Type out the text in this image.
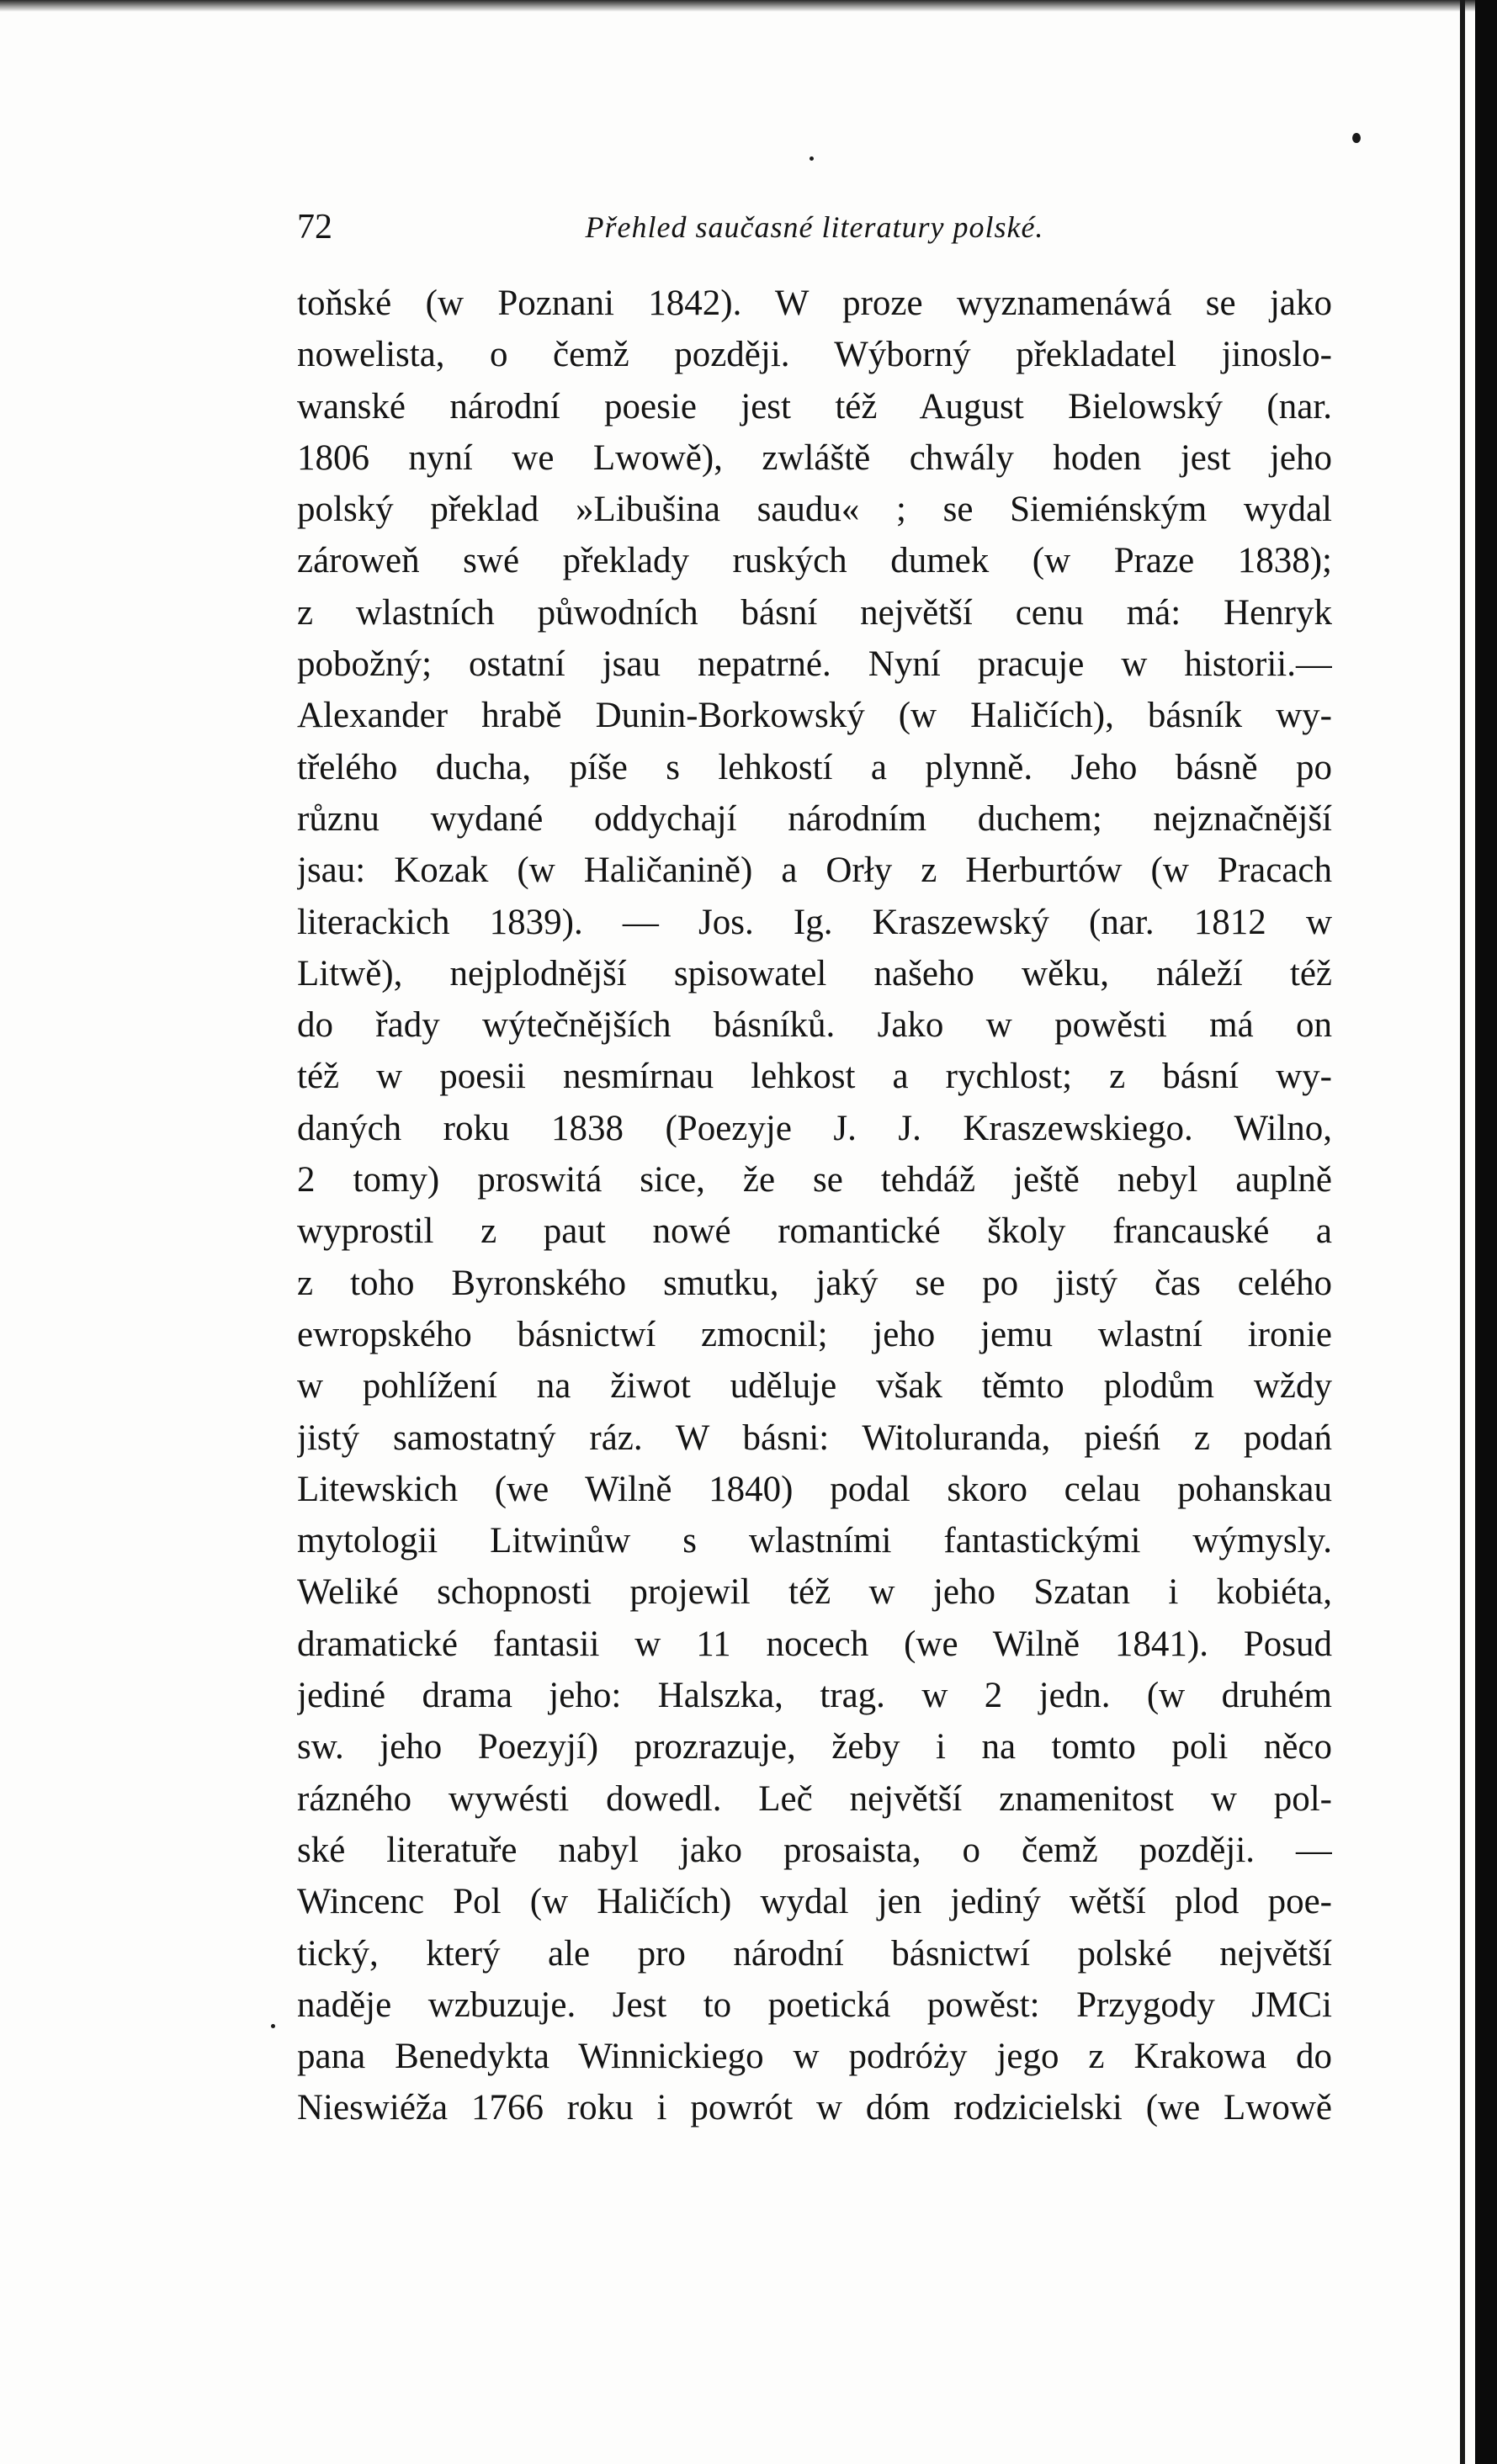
72	Přehled saučasné literatury polské.
toňské (w Poznani 1842). W proze wyznamenáwá se jako
nowelista, o čemž později. Wýborný překladatel jinoslo-
wanské národní poesie jest též August Bielowský (nar.
1806 nyní we Lwowě), zwláště chwály hoden jest jeho
polský překlad »Libušina saudu« ; se Siemiénským wydal
zároweň swé překlady ruských dumek (w Praze 1838);
z wlastních půwodních básní největší cenu má: Henryk
pobožný; ostatní jsau nepatrné. Nyní pracuje w historii.—
Alexander hrabě Dunin-Borkowský (w Haličích), básník wy-
třelého ducha, píše s lehkostí a plynně. Jeho básně po
různu wydané oddychají národním duchem; nejznačnější
jsau: Kozak (w Haličanině) a Orły z Herburtów (w Pracach
literackich 1839). — Jos. Ig. Kraszewský (nar. 1812 w
Litwě), nejplodnější spisowatel našeho wěku, náleží též
do řady wýtečnějších básníků. Jako w powěsti má on
též w poesii nesmírnau lehkost a rychlost; z básní wy-
daných roku 1838 (Poezyje J. J. Kraszewskiego. Wilno,
2 tomy) proswitá sice, že se tehdáž ještě nebyl auplně
wyprostil z paut nowé romantické školy francauské a
z toho Byronského smutku, jaký se po jistý čas celého
ewropského básnictwí zmocnil; jeho jemu wlastní ironie
w pohlížení na žiwot uděluje však těmto plodům wždy
jistý samostatný ráz. W básni: Witoluranda, pieśń z podań
Litewskich (we Wilně 1840) podal skoro celau pohanskau
mytologii Litwinůw s wlastními fantastickými wýmysly.
Weliké schopnosti projewil též w jeho Szatan i kobiéta,
dramatické fantasii w 11 nocech (we Wilně 1841). Posud
jediné drama jeho: Halszka, trag. w 2 jedn. (w druhém
sw. jeho Poezyjí) prozrazuje, žeby i na tomto poli něco
rázného wywésti dowedl. Leč největší znamenitost w pol-
ské literatuře nabyl jako prosaista, o čemž později. —
Wincenc Pol (w Haličích) wydal jen jediný wětší plod poe-
tický, který ale pro národní básnictwí polské největší
naděje wzbuzuje. Jest to poetická powěst: Przygody JMCi
pana Benedykta Winnickiego w podróży jego z Krakowa do
Nieswiéža 1766 roku i powrót w dóm rodzicielski (we Lwowě
